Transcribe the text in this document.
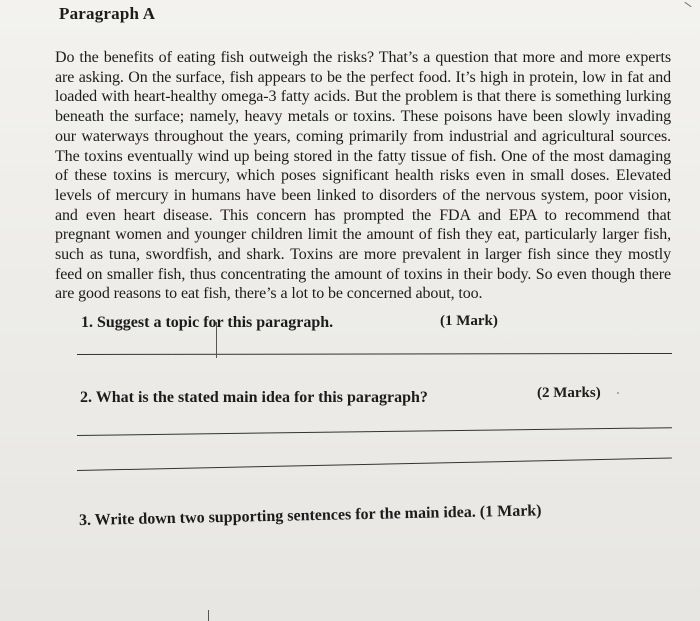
Paragraph A
Do the benefits of eating fish outweigh the risks? That’s a question that more and more experts are asking. On the surface, fish appears to be the perfect food. It’s high in protein, low in fat and loaded with heart-healthy omega-3 fatty acids. But the problem is that there is something lurking beneath the surface; namely, heavy metals or toxins. These poisons have been slowly invading our waterways throughout the years, coming primarily from industrial and agricultural sources. The toxins eventually wind up being stored in the fatty tissue of fish. One of the most damaging of these toxins is mercury, which poses significant health risks even in small doses. Elevated levels of mercury in humans have been linked to disorders of the nervous system, poor vision, and even heart disease. This concern has prompted the FDA and EPA to recommend that pregnant women and younger children limit the amount of fish they eat, particularly larger fish, such as tuna, swordfish, and shark. Toxins are more prevalent in larger fish since they mostly feed on smaller fish, thus concentrating the amount of toxins in their body. So even though there are good reasons to eat fish, there’s a lot to be concerned about, too.
1. Suggest a topic for this paragraph.	(1 Mark)
2. What is the stated main idea for this paragraph?	(2 Marks)
3. Write down two supporting sentences for the main idea. (1 Mark)
